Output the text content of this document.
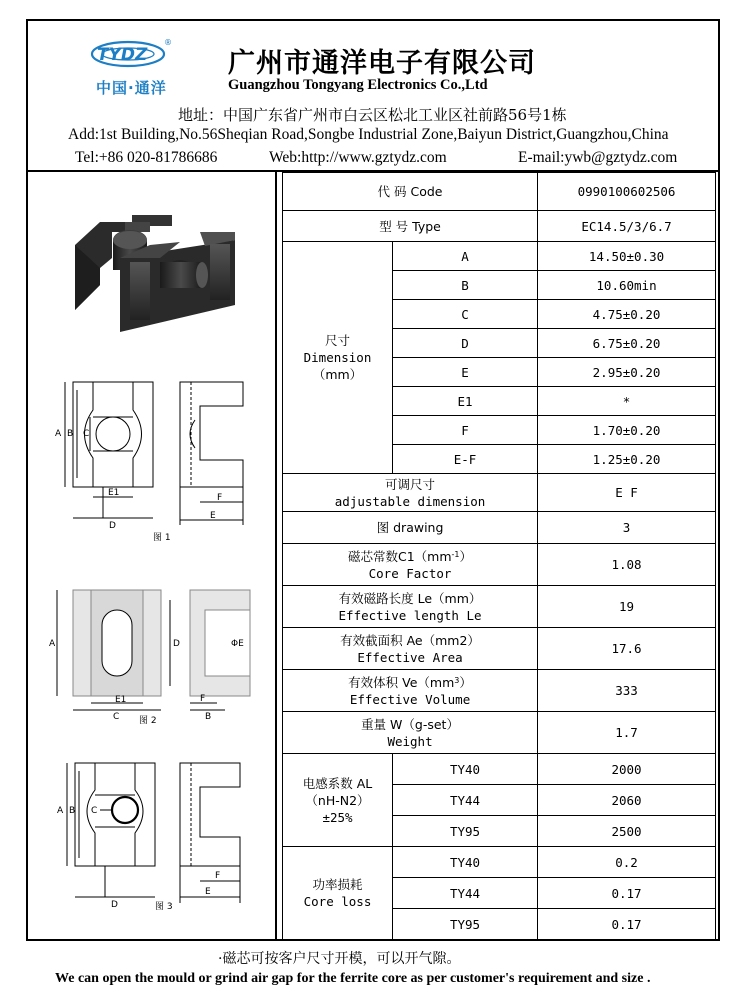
TYDZ
®
中国·通洋
广州市通洋电子有限公司
Guangzhou Tongyang Electronics Co.,Ltd
地址：中国广东省广州市白云区松北工业区社前路56号1栋
Add:1st Building,No.56Sheqian Road,Songbe Industrial Zone,Baiyun District,Guangzhou,China
Tel:+86 020-81786686	Web:http://www.gztydz.com	E-mail:ywb@gztydz.com
A B C
E1
D
F
E
图 1
A	D
E1
C	B
F
ΦE
图 2
A B C
D
F
E
图 3
代 码 Code		0990100602506
型 号 Type		EC14.5/3/6.7

尺寸
Dimension
（mm）	A	14.50±0.30
	B	10.60min
	C	4.75±0.20
	D	6.75±0.20
	E	2.95±0.20
	E1	*
	F	1.70±0.20
	E-F	1.25±0.20

可调尺寸
adjustable dimension		E F
图 drawing		3

磁芯常数$C1(mm^{-1})$
Core Factor		1.08

有效磁路长度 Le（mm）
Effective length Le		19

有效截面积 Ae（mm2）
Effective Area		17.6

有效体积 $Ve(mm^3)$
Effective Volume		333

重量 W（g-set）
Weight		1.7

电感系数 AL
（nH-N2）
±25%	TY40	2000
	TY44	2060
	TY95	2500

功率损耗
Core loss	TY40	0.2
	TY44	0.17
	TY95	0.17
·磁芯可按客户尺寸开模，可以开气隙。
We can open the mould or grind air gap for the ferrite core as per customer's requirement and size .
